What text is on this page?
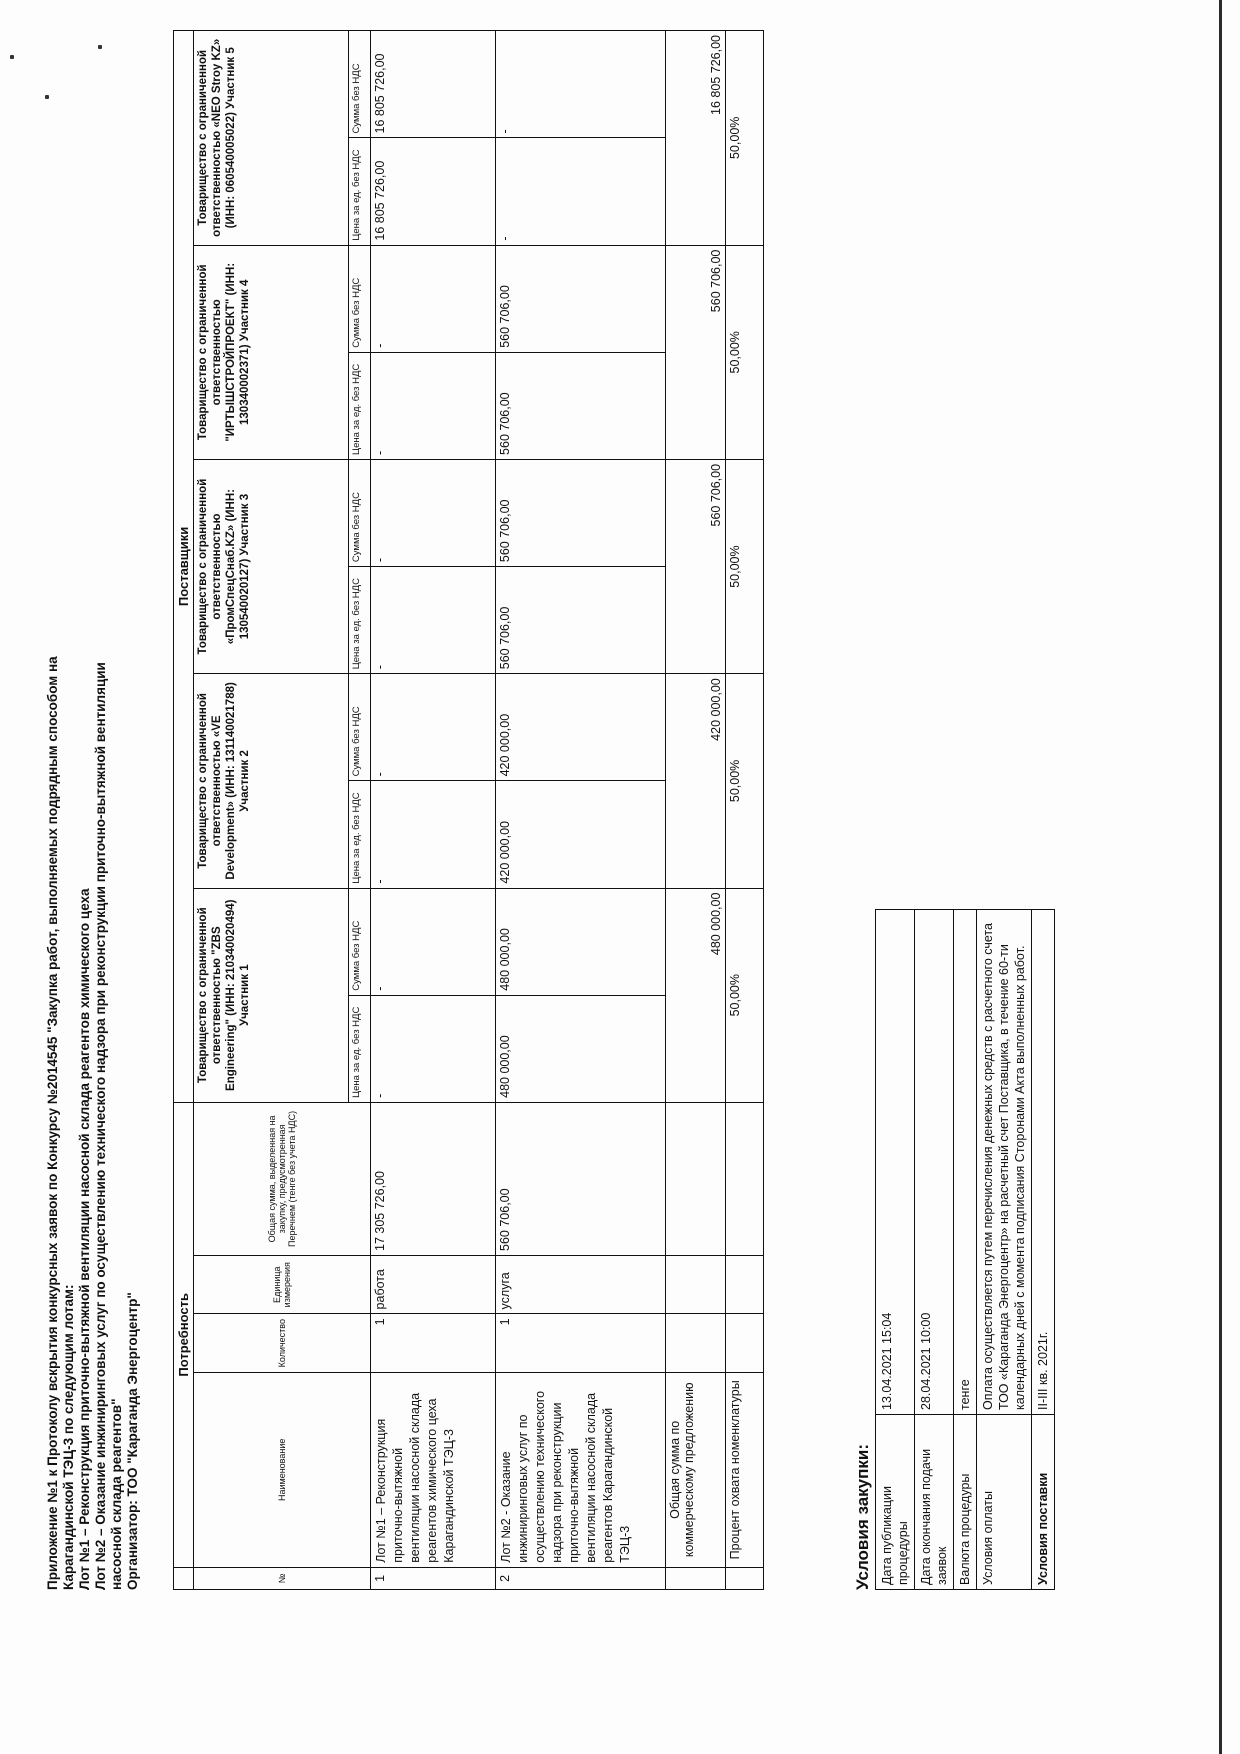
Приложение №1 к Протоколу вскрытия конкурсных заявок по Конкурсу №2014545 "Закупка работ, выполняемых подрядным способом на Карагандинской ТЭЦ-3 по следующим лотам: Лот №1 – Реконструкция приточно-вытяжной вентиляции насосной склада реагентов химического цеха Лот №2 – Оказание инжиниринговых услуг по осуществлению технического надзора при реконструкции приточно-вытяжной вентиляции насосной склада реагентов" Организатор: ТОО "Караганда Энергоцентр"
		Потребность				Поставщики									
№	Наименование	Количество	Единица измерения	Общая сумма, выделенная на закупку, предусмотренная Перечнем (тенге без учета НДС)	Товарищество с ограниченной ответственностью "ZBS Engineering" (ИНН: 210340020494) Участник 1		Товарищество с ограниченной ответственностью «VE Development» (ИНН: 131140021788) Участник 2		Товарищество с ограниченной ответственностью «ПромСпецСнаб.KZ» (ИНН: 130540020127) Участник 3		Товарищество с ограниченной ответственностью "ИРТЫШСТРОЙПРОЕКТ" (ИНН: 130340002371) Участник 4		Товарищество с ограниченной ответственностью «NEO Stroy KZ» (ИНН: 060540005022) Участник 5	
					Цена за ед. без НДС	Сумма без НДС	Цена за ед. без НДС	Сумма без НДС	Цена за ед. без НДС	Сумма без НДС	Цена за ед. без НДС	Сумма без НДС	Цена за ед. без НДС	Сумма без НДС
1	Лот №1 – Реконструкция приточно-вытяжной вентиляции насосной склада реагентов химического цеха Карагандинской ТЭЦ-3	1	работа	17 305 726,00	-	-	-	-	-	-	-	-	16 805 726,00	16 805 726,00
2	Лот №2 - Оказание инжиниринговых услуг по осуществлению технического надзора при реконструкции приточно-вытяжной вентиляции насосной склада реагентов Карагандинской ТЭЦ-3	1	услуга	560 706,00	480 000,00	480 000,00	420 000,00	420 000,00	560 706,00	560 706,00	560 706,00	560 706,00	-	-
	Общая сумма по коммерческому предложению				480 000,00		420 000,00		560 706,00		560 706,00		16 805 726,00	
	Процент охвата номенклатуры				50,00%		50,00%		50,00%		50,00%		50,00%	
Условия закупки: Дата публикации процедуры	13.04.2021 15:04
Дата окончания подачи заявок	28.04.2021 10:00
Валюта процедуры	тенге
Условия оплаты	Оплата осуществляется путем перечисления денежных средств с расчетного счета ТОО «Караганда Энергоцентр» на расчетный счет Поставщика, в течение 60-ти календарных дней с момента подписания Сторонами Акта выполненных работ.
Условия поставки	II-III кв. 2021г.
